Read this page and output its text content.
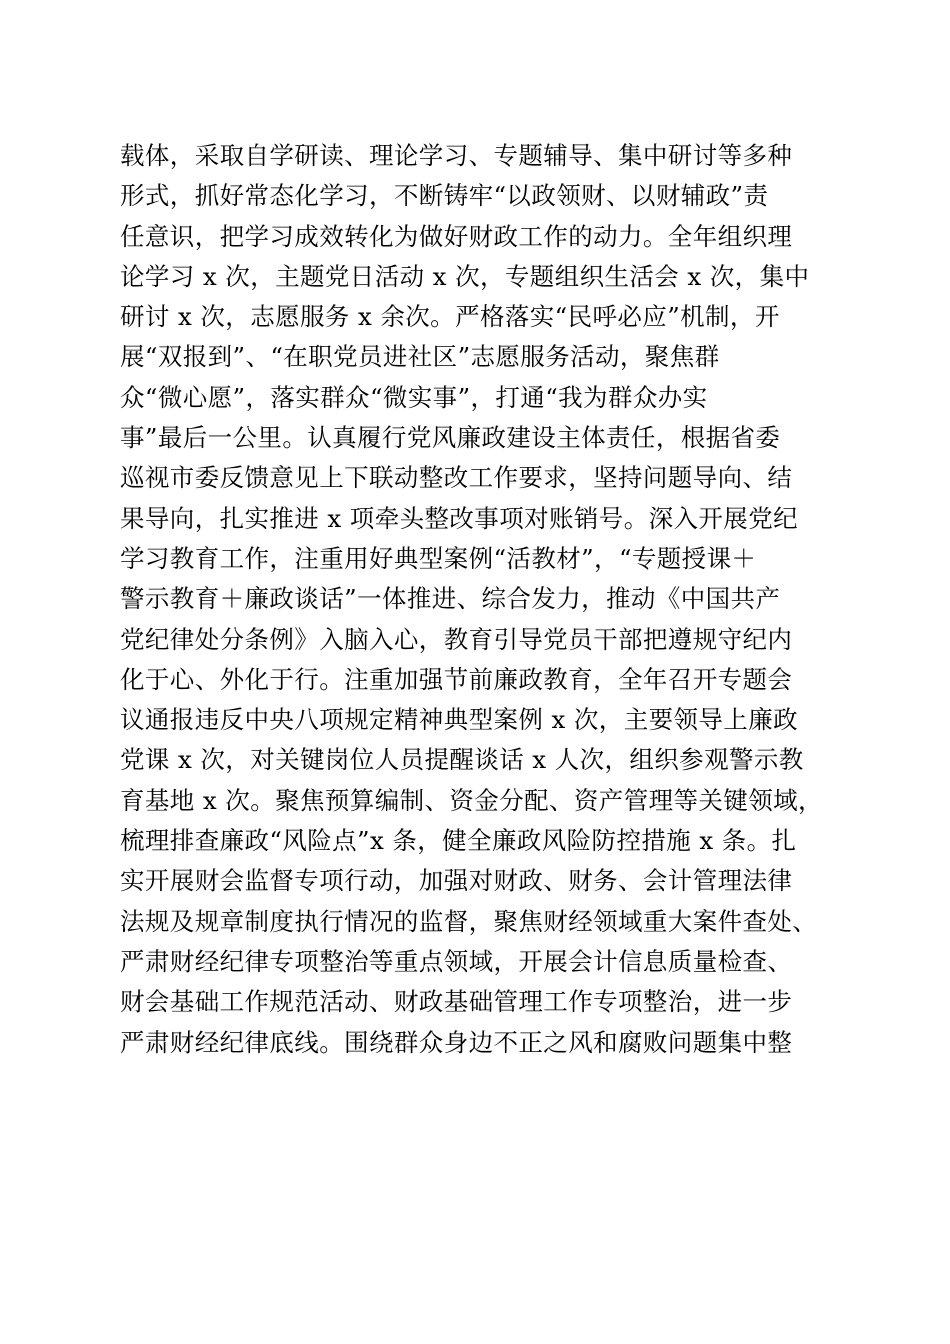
载体，采取自学研读、理论学习、专题辅导、集中研讨等多种
形式，抓好常态化学习，不断铸牢“以政领财、以财辅政”责
任意识，把学习成效转化为做好财政工作的动力。全年组织理
论学习 x 次，主题党日活动 x 次，专题组织生活会 x 次，集中
研讨 x 次，志愿服务 x 余次。严格落实“民呼必应”机制，开
展“双报到”、“在职党员进社区”志愿服务活动，聚焦群
众“微心愿”，落实群众“微实事”，打通“我为群众办实
事”最后一公里。认真履行党风廉政建设主体责任，根据省委
巡视市委反馈意见上下联动整改工作要求，坚持问题导向、结
果导向，扎实推进 x 项牵头整改事项对账销号。深入开展党纪
学习教育工作，注重用好典型案例“活教材”，“专题授课＋
警示教育＋廉政谈话”一体推进、综合发力，推动《中国共产
党纪律处分条例》入脑入心，教育引导党员干部把遵规守纪内
化于心、外化于行。注重加强节前廉政教育，全年召开专题会
议通报违反中央八项规定精神典型案例 x 次，主要领导上廉政
党课 x 次，对关键岗位人员提醒谈话 x 人次，组织参观警示教
育基地 x 次。聚焦预算编制、资金分配、资产管理等关键领域，
梳理排查廉政“风险点”x 条，健全廉政风险防控措施 x 条。扎
实开展财会监督专项行动，加强对财政、财务、会计管理法律
法规及规章制度执行情况的监督，聚焦财经领域重大案件查处、
严肃财经纪律专项整治等重点领域，开展会计信息质量检查、
财会基础工作规范活动、财政基础管理工作专项整治，进一步
严肃财经纪律底线。围绕群众身边不正之风和腐败问题集中整
